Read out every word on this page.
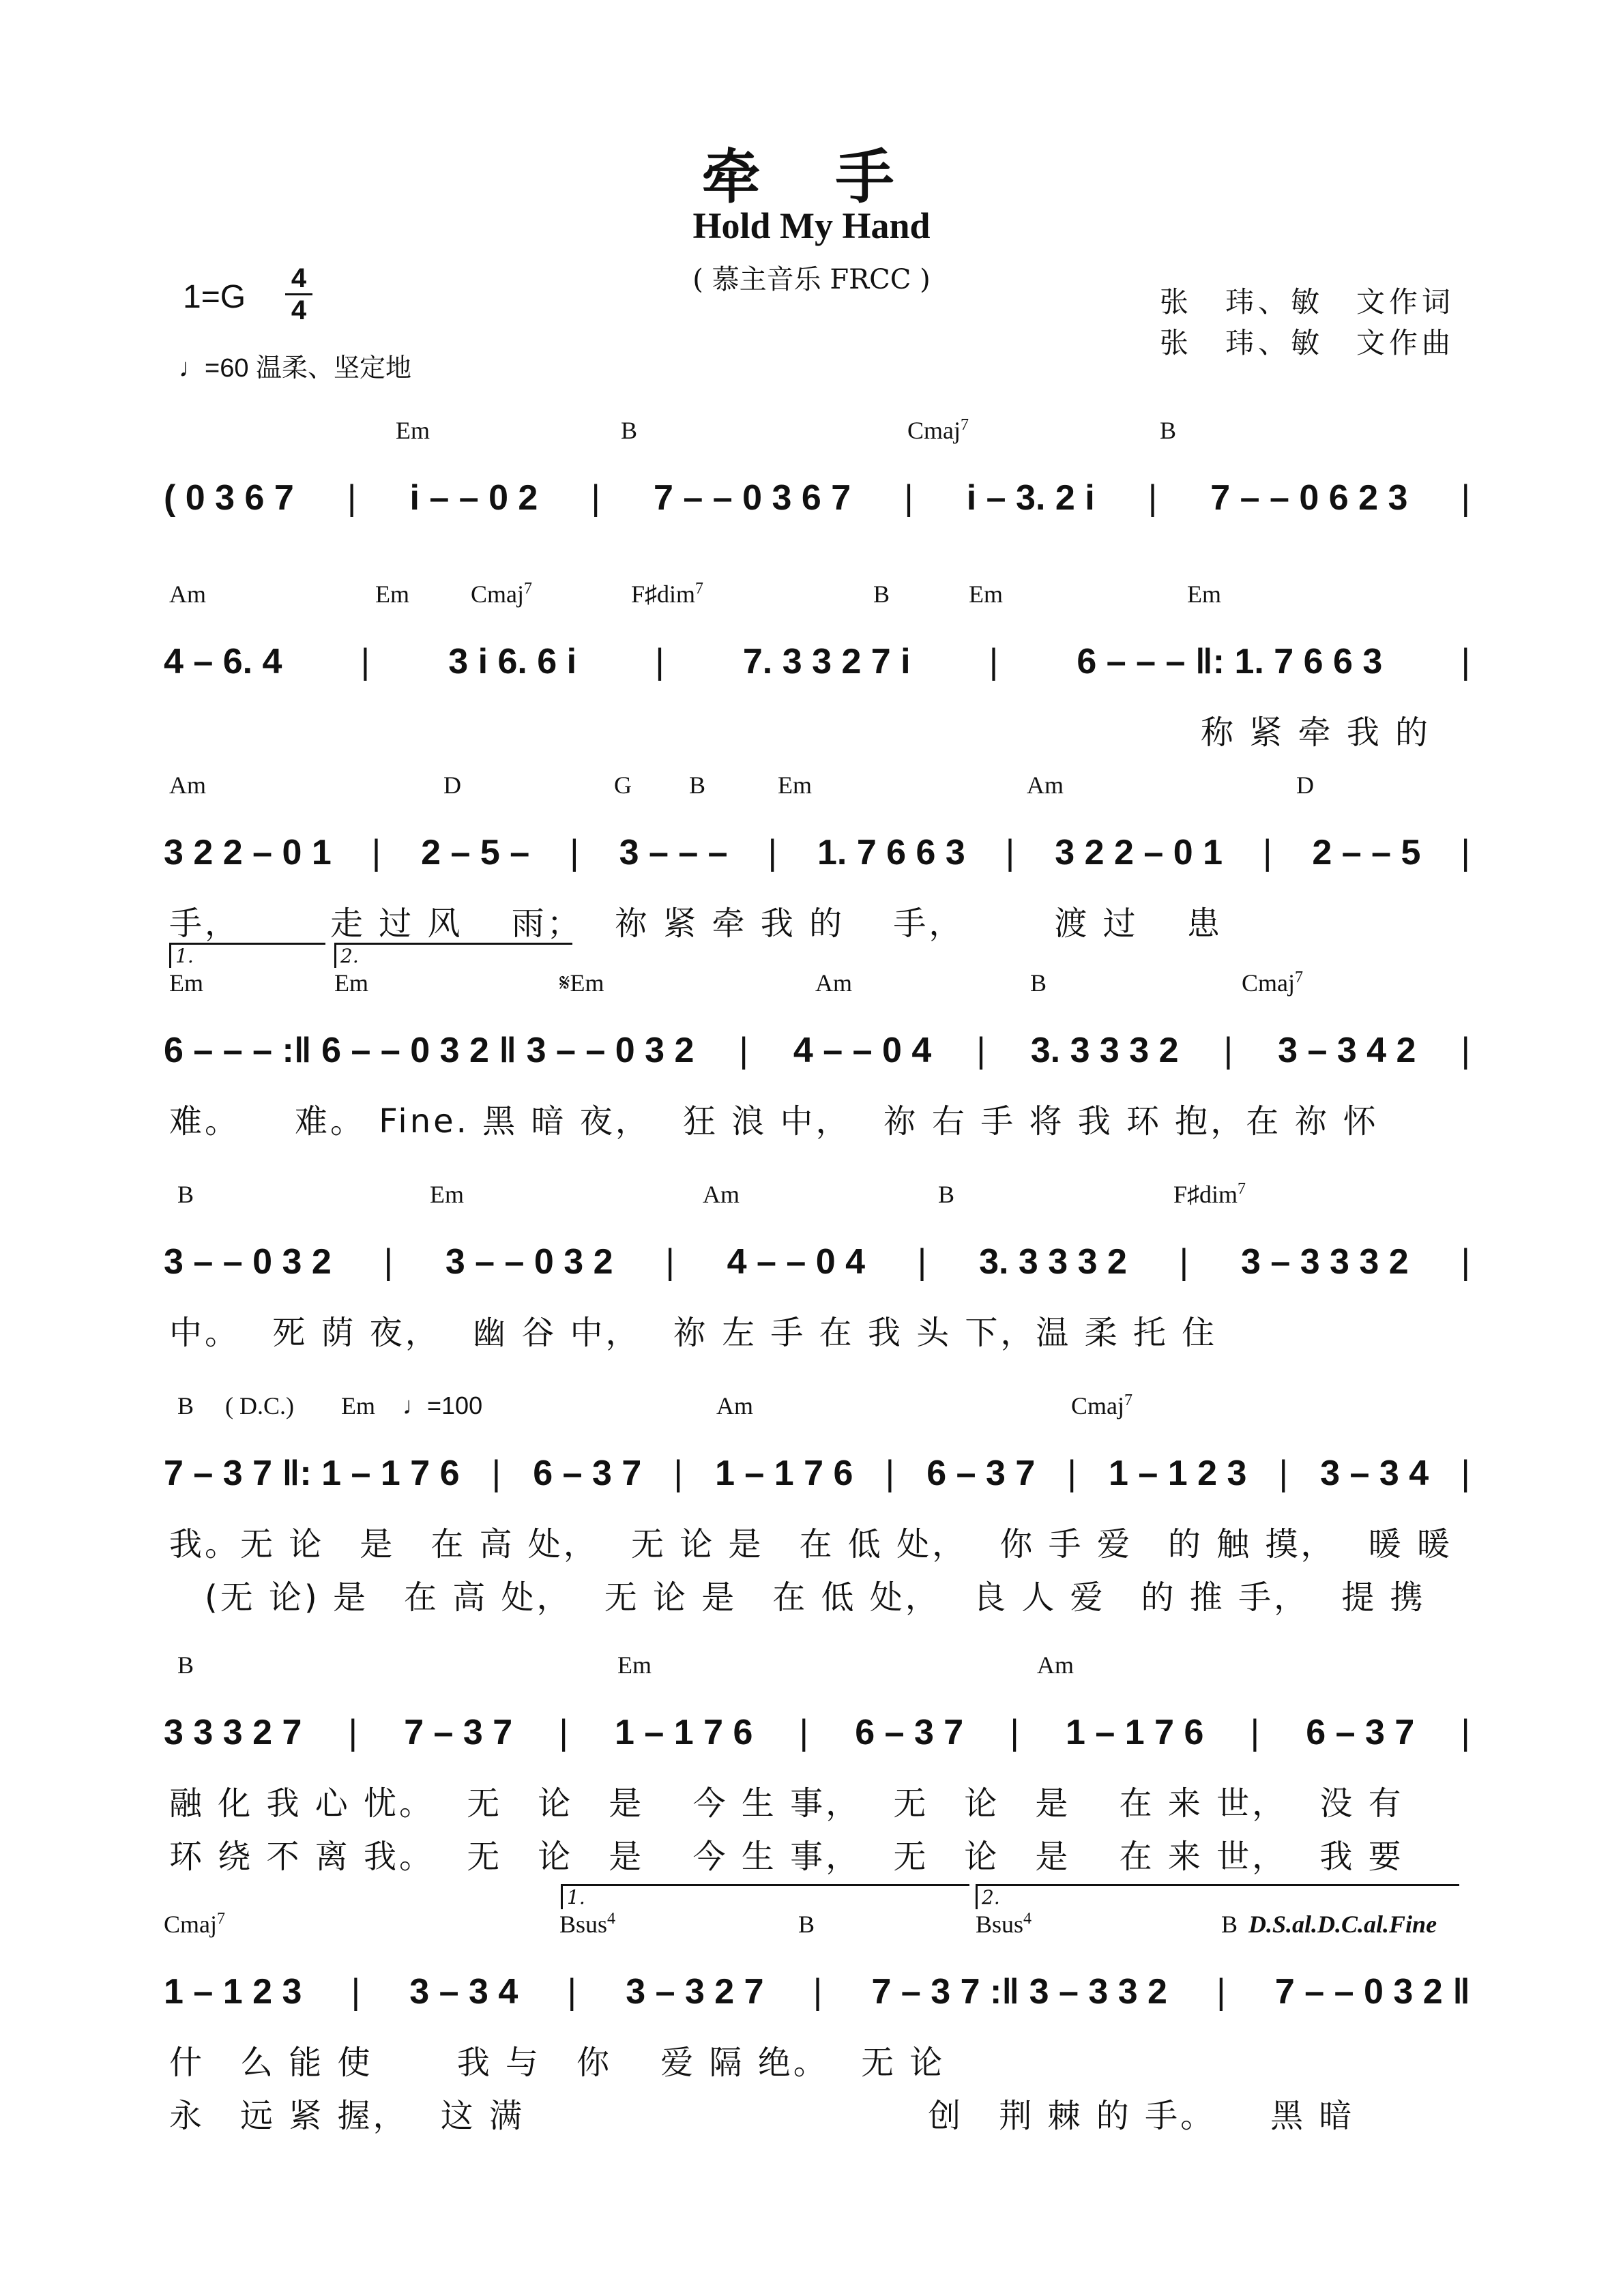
牵 手
Hold My Hand
( 慕主音乐 FRCC )
1=G
4
4
♩=60 温柔、坚定地
张　玮、敏　文作词
张　玮、敏　文作曲
Em	B	Cmaj$^7$	B
( 0 3 6 7 | i – – 0 2 | 7 – – 0 3 6 7 | i – 3. 2 i | 7 – – 0 6 2 3 |
Am	Em	Cmaj$^7$	F♯dim$^7$	B	Em	Em
4 – 6. 4 | 3 i 6. 6 i | 7. 3 3 2 7 i | 6 – – – ‖: 1. 7 6 6 3 |
称 紧 牵 我 的
Am	D	G B	Em	Am	D
3 2 2 – 0 1 | 2 – 5 – | 3 – – – | 1. 7 6 6 3 | 3 2 2 – 0 1 | 2 – – 5 |
手，　　　走 过 风　 雨；　 祢 紧 牵 我 的　 手，　　　渡 过　 患
Em	Em	𝄋Em	Am	B	Cmaj$^7$
1.	2.
6 – – – :‖ 6 – – 0 3 2 ‖ 3 – – 0 3 2 | 4 – – 0 4 | 3. 3 3 3 2 | 3 – 3 4 2 |
难。　　难。 Fine. 黑 暗 夜，　 狂 浪 中，　 祢 右 手 将 我 环 抱，在 祢 怀
B	Em	Am	B	F♯dim$^7$
3 – – 0 3 2 | 3 – – 0 3 2 | 4 – – 0 4 | 3. 3 3 3 2 | 3 – 3 3 3 2 |
中。　 死 荫 夜，　 幽 谷 中，　 祢 左 手 在 我 头 下，温 柔 托 住
B ( D.C.) Em	Am	Cmaj$^7$
♩=100
7 – 3 7 ‖: 1 – 1 7 6 | 6 – 3 7 | 1 – 1 7 6 | 6 – 3 7 | 1 – 1 2 3 | 3 – 3 4 |
我。无 论　是　在 高 处，　 无 论 是　在 低 处，　 你 手 爱　的 触 摸，　 暖 暖
　(无 论) 是　在 高 处，　 无 论 是　在 低 处，　 良 人 爱　的 推 手，　 提 携
B	Em	Am
3 3 3 2 7 | 7 – 3 7 | 1 – 1 7 6 | 6 – 3 7 | 1 – 1 7 6 | 6 – 3 7 |
融 化 我 心 忧。　 无　论　是　 今 生 事，　 无　论　是　 在 来 世，　 没 有
环 绕 不 离 我。　 无　论　是　 今 生 事，　 无　论　是　 在 来 世，　 我 要
Cmaj$^7$	Bsus$^4$	B	Bsus$^4$	B
1.	2.
D.S.al.D.C.al.Fine
1 – 1 2 3 | 3 – 3 4 | 3 – 3 2 7 | 7 – 3 7 :‖ 3 – 3 3 2 | 7 – – 0 3 2 ‖
什　么 能 使　　 我 与　你　 爱 隔 绝。　 无 论
永　远 紧 握，　 这 满　　　　　　　　　　　 创　荆 棘 的 手。　　黑 暗
